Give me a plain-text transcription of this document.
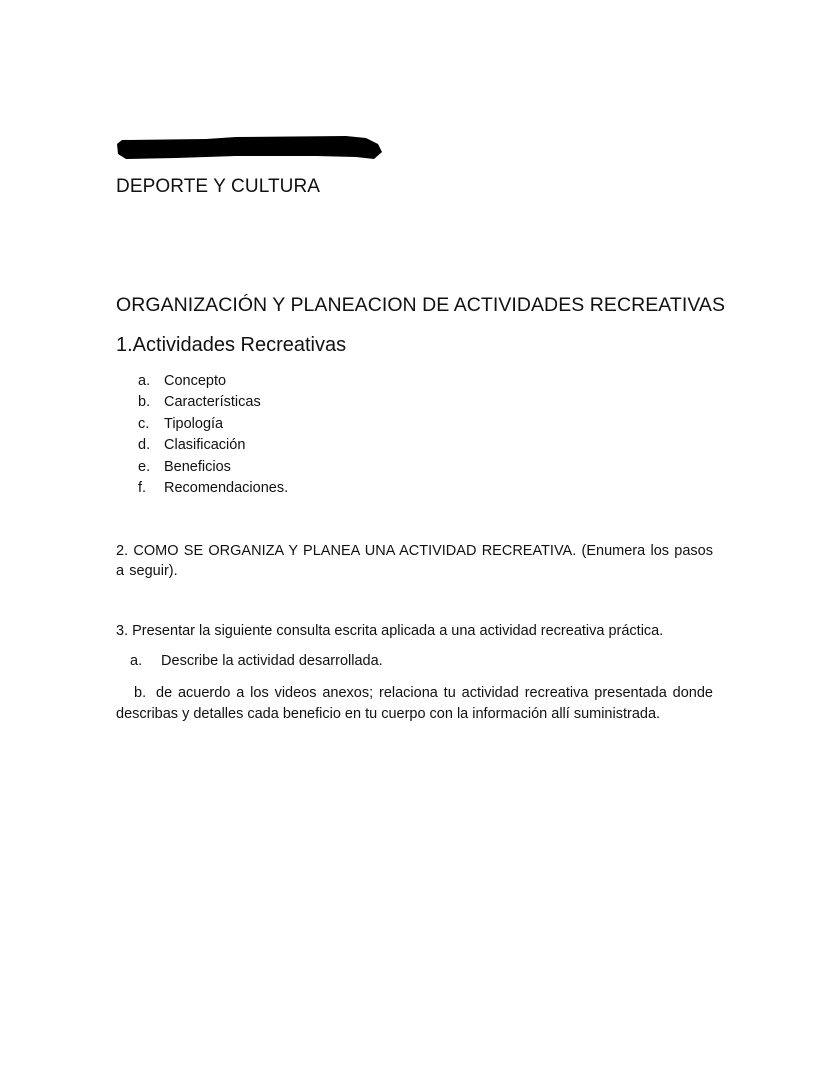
DEPORTE Y CULTURA
ORGANIZACIÓN Y PLANEACION DE ACTIVIDADES RECREATIVAS
1.Actividades Recreativas
a. Concepto
b. Características
c.	Tipología
d. Clasificación
e. Beneficios
f.	Recomendaciones.
2. COMO SE ORGANIZA Y PLANEA UNA ACTIVIDAD RECREATIVA. (Enumera los pasos a seguir).
3. Presentar la siguiente consulta escrita aplicada a una actividad recreativa práctica.
a. Describe la actividad desarrollada.
b. de acuerdo a los videos anexos; relaciona tu actividad recreativa presentada donde describas y detalles cada beneficio en tu cuerpo con la información allí suministrada.
